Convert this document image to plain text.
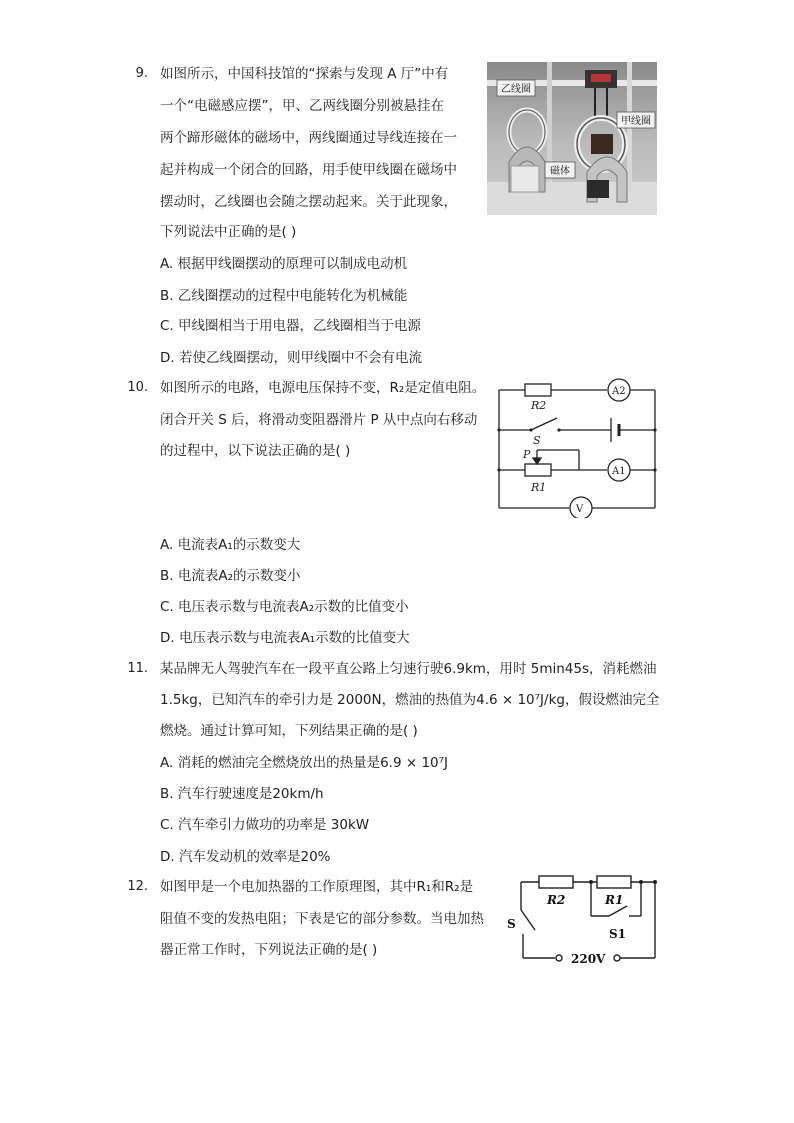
9. 如图所示，中国科技馆的“探索与发现 A 厅”中有
一个“电磁感应摆”，甲、乙两线圈分别被悬挂在
两个蹄形磁体的磁场中，两线圈通过导线连接在一
起并构成一个闭合的回路，用手使甲线圈在磁场中
摆动时，乙线圈也会随之摆动起来。关于此现象，
下列说法中正确的是( )
A. 根据甲线圈摆动的原理可以制成电动机
B. 乙线圈摆动的过程中电能转化为机械能
C. 甲线圈相当于用电器，乙线圈相当于电源
D. 若使乙线圈摆动，则甲线圈中不会有电流
乙线圈
甲线圈
磁体
10. 如图所示的电路，电源电压保持不变，R₂是定值电阻。
闭合开关 S 后，将滑动变阻器滑片 P 从中点向右移动
的过程中，以下说法正确的是( )
A. 电流表A₁的示数变大
B. 电流表A₂的示数变小
C. 电压表示数与电流表A₂示数的比值变小
D. 电压表示数与电流表A₁示数的比值变大
R2
A2
S
P
R1
A1
V
11. 某品牌无人驾驶汽车在一段平直公路上匀速行驶6.9km，用时 5min45s，消耗燃油
1.5kg，已知汽车的牵引力是 2000N，燃油的热值为4.6 × 10⁷J/kg，假设燃油完全
燃烧。通过计算可知，下列结果正确的是( )
A. 消耗的燃油完全燃烧放出的热量是6.9 × 10⁷J
B. 汽车行驶速度是20km/h
C. 汽车牵引力做功的功率是 30kW
D. 汽车发动机的效率是20%
12. 如图甲是一个电加热器的工作原理图，其中R₁和R₂是
阻值不变的发热电阻；下表是它的部分参数。当电加热
器正常工作时，下列说法正确的是( )
R2	R1
S
S1
220V
